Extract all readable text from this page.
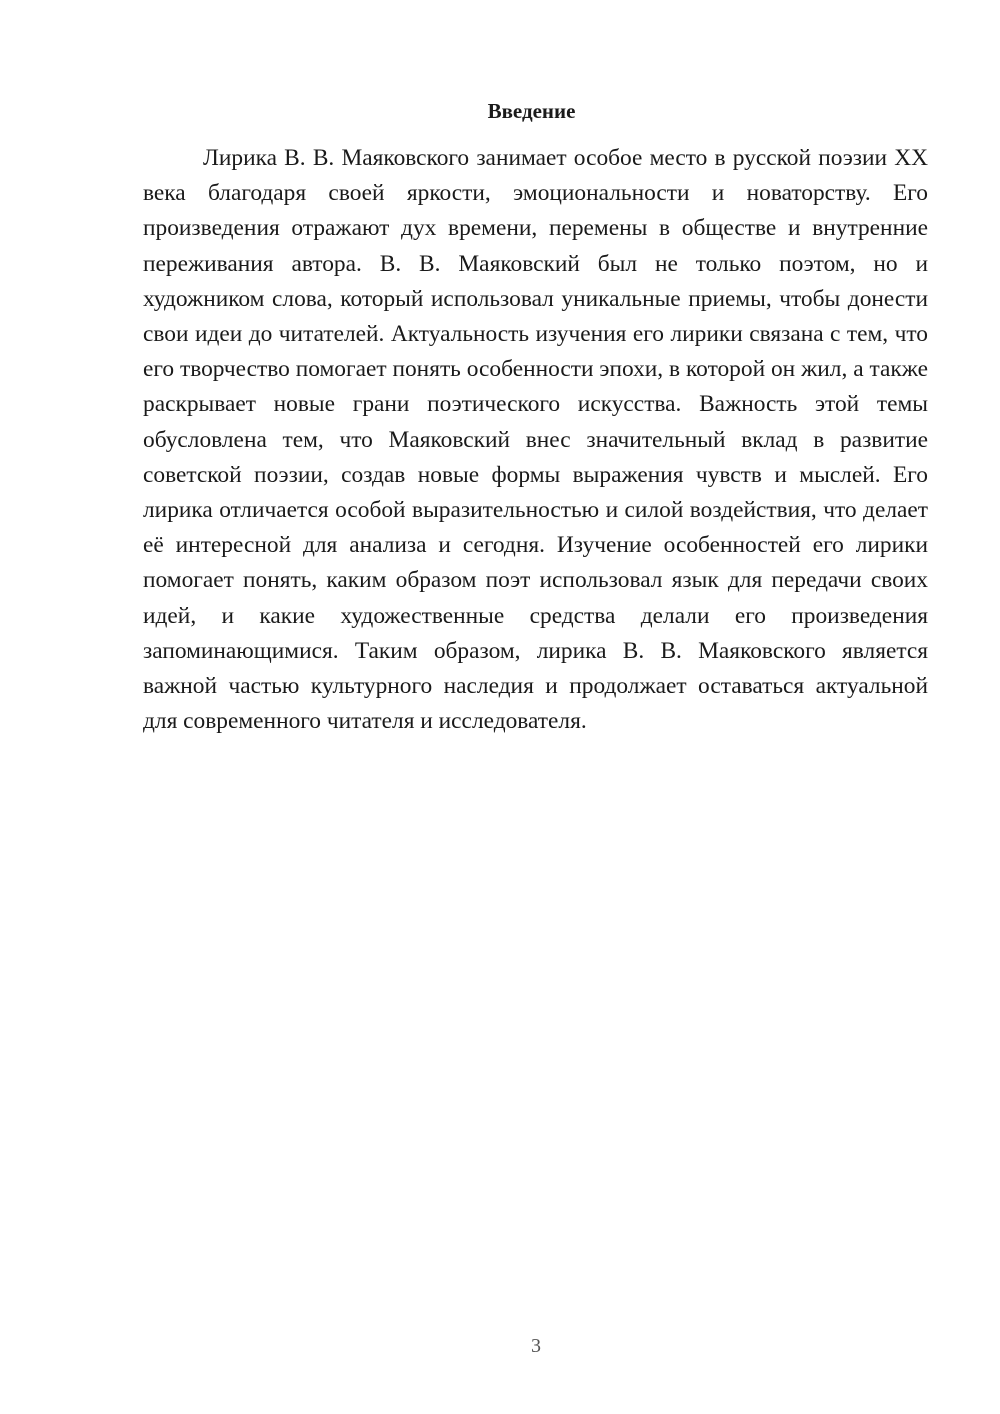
Введение

Лирика В. В. Маяковского занимает особое место в русской поэзии XX века благодаря своей яркости, эмоциональности и новаторству. Его произведения отражают дух времени, перемены в обществе и внутренние переживания автора. В. В. Маяковский был не только поэтом, но и художником слова, который использовал уникальные приемы, чтобы донести свои идеи до читателей. Актуальность изучения его лирики связана с тем, что его творчество помогает понять особенности эпохи, в которой он жил, а также раскрывает новые грани поэтического искусства. Важность этой темы обусловлена тем, что Маяковский внес значительный вклад в развитие советской поэзии, создав новые формы выражения чувств и мыслей. Его лирика отличается особой выразительностью и силой воздействия, что делает её интересной для анализа и сегодня. Изучение особенностей его лирики помогает понять, каким образом поэт использовал язык для передачи своих идей, и какие художественные средства делали его произведения запоминающимися. Таким образом, лирика В. В. Маяковского является важной частью культурного наследия и продолжает оставаться актуальной для современного читателя и исследователя.

3
